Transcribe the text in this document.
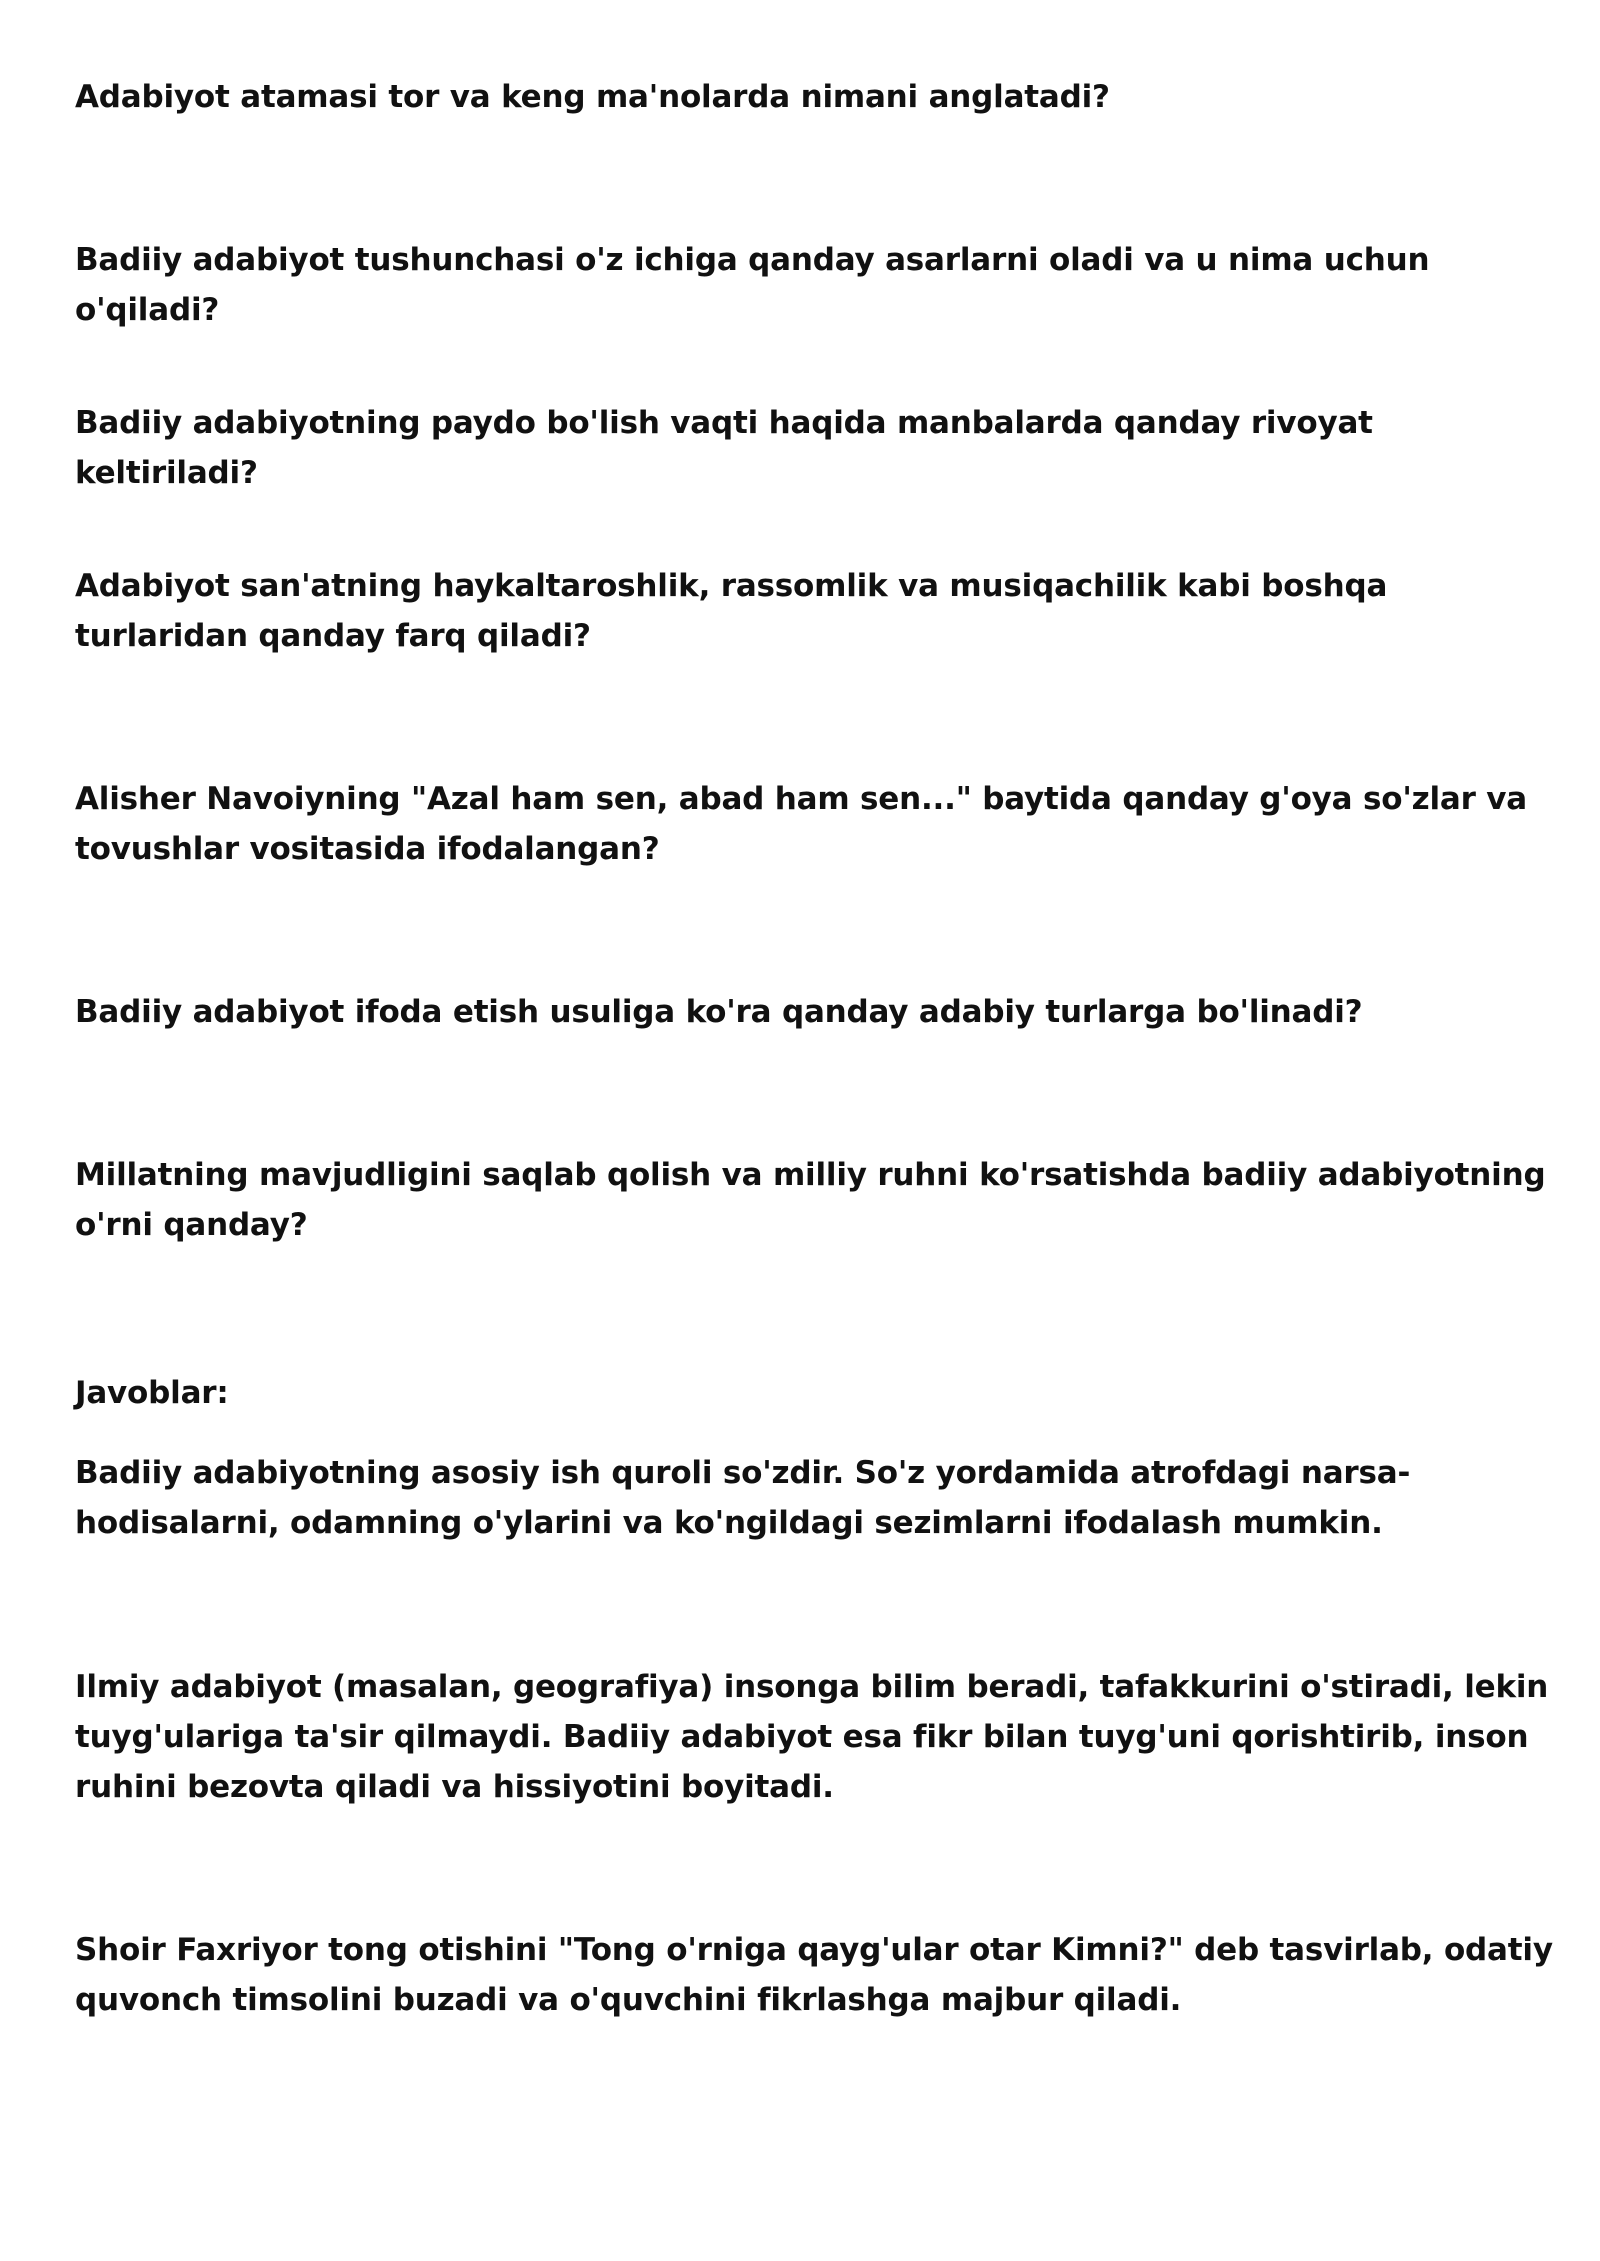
Adabiyot atamasi tor va keng ma'nolarda nimani anglatadi?

Badiiy adabiyot tushunchasi o'z ichiga qanday asarlarni oladi va u nima uchun o'qiladi?

Badiiy adabiyotning paydo bo'lish vaqti haqida manbalarda qanday rivoyat keltiriladi?

Adabiyot san'atning haykaltaroshlik, rassomlik va musiqachilik kabi boshqa turlaridan qanday farq qiladi?

Alisher Navoiyning "Azal ham sen, abad ham sen..." baytida qanday g'oya so'zlar va tovushlar vositasida ifodalangan?

Badiiy adabiyot ifoda etish usuliga ko'ra qanday adabiy turlarga bo'linadi?

Millatning mavjudligini saqlab qolish va milliy ruhni ko'rsatishda badiiy adabiyotning o'rni qanday?

Javoblar:

Badiiy adabiyotning asosiy ish quroli so'zdir. So'z yordamida atrofdagi narsa-hodisalarni, odamning o'ylarini va ko'ngildagi sezimlarni ifodalash mumkin.

Ilmiy adabiyot (masalan, geografiya) insonga bilim beradi, tafakkurini o'stiradi, lekin tuyg'ulariga ta'sir qilmaydi. Badiiy adabiyot esa fikr bilan tuyg'uni qorishtirib, inson ruhini bezovta qiladi va hissiyotini boyitadi.

Shoir Faxriyor tong otishini "Tong o'rniga qayg'ular otar Kimni?" deb tasvirlab, odatiy quvonch timsolini buzadi va o'quvchini fikrlashga majbur qiladi.
